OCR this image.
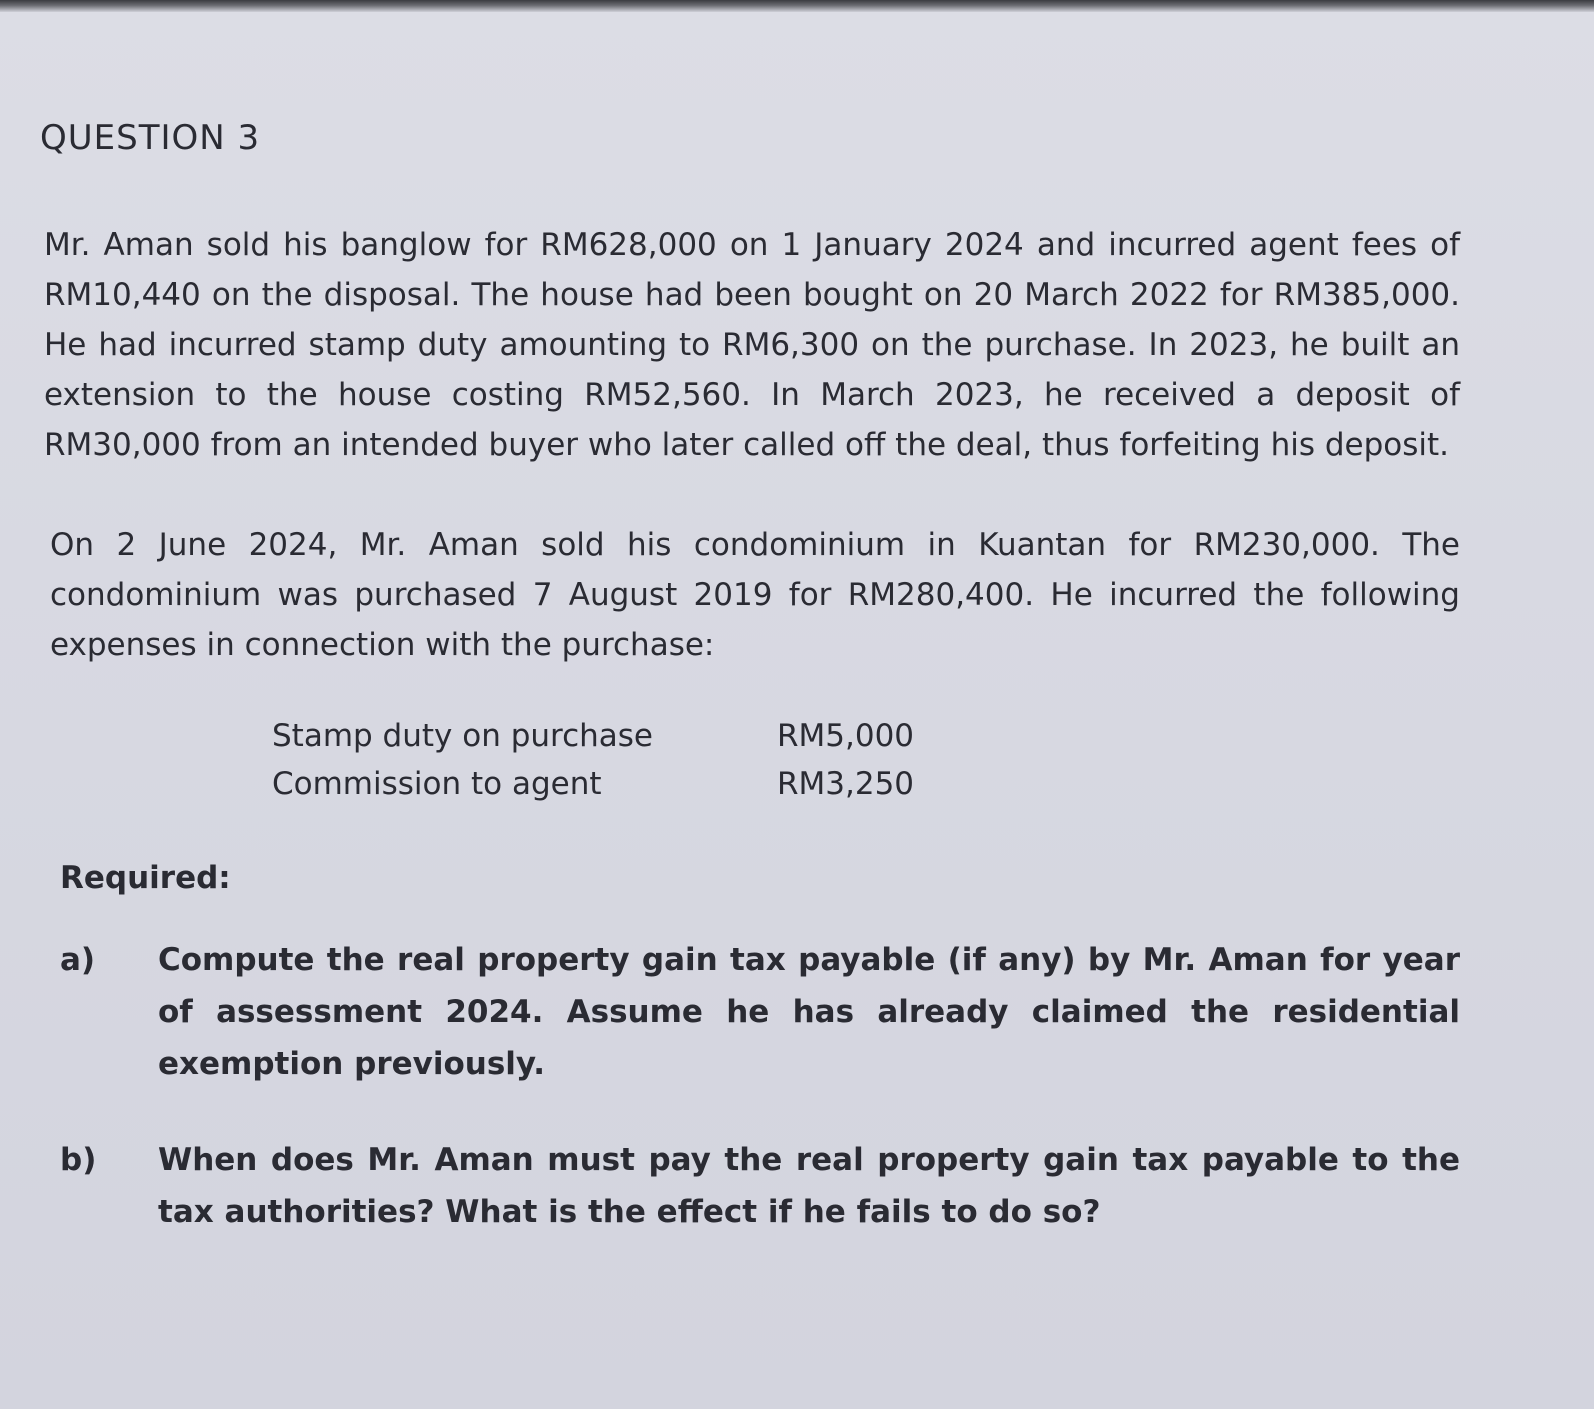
QUESTION 3

Mr. Aman sold his banglow for RM628,000 on 1 January 2024 and incurred agent fees of RM10,440 on the disposal. The house had been bought on 20 March 2022 for RM385,000. He had incurred stamp duty amounting to RM6,300 on the purchase. In 2023, he built an extension to the house costing RM52,560. In March 2023, he received a deposit of RM30,000 from an intended buyer who later called off the deal, thus forfeiting his deposit.

On 2 June 2024, Mr. Aman sold his condominium in Kuantan for RM230,000. The condominium was purchased 7 August 2019 for RM280,400. He incurred the following expenses in connection with the purchase:

Stamp duty on purchase	RM5,000
Commission to agent	RM3,250
Required:
a)	Compute the real property gain tax payable (if any) by Mr. Aman for year of assessment 2024. Assume he has already claimed the residential exemption previously.
b)	When does Mr. Aman must pay the real property gain tax payable to the tax authorities? What is the effect if he fails to do so?
